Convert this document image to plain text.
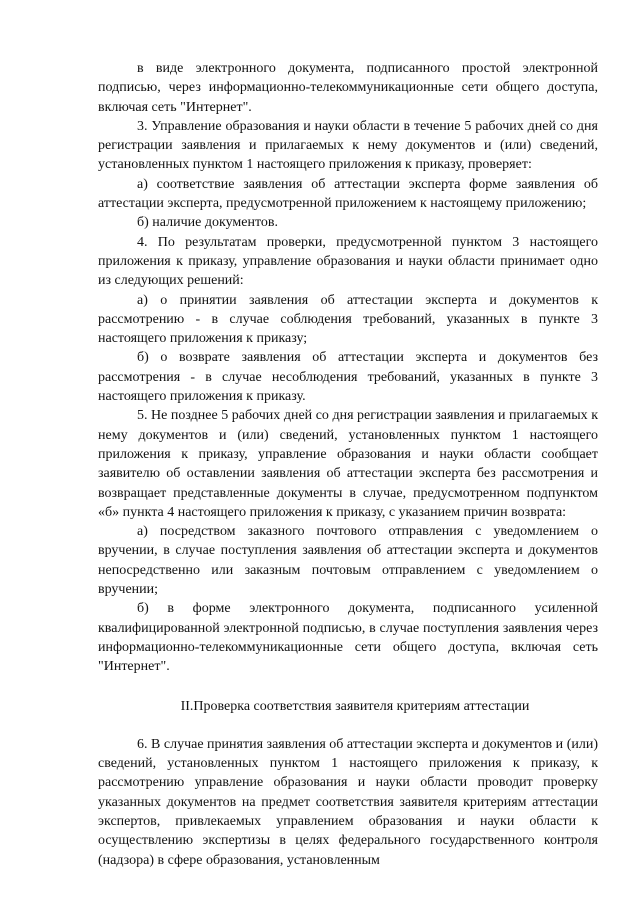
в виде электронного документа, подписанного простой электронной подписью, через информационно-телекоммуникационные сети общего доступа, включая сеть "Интернет".

3. Управление образования и науки области в течение 5 рабочих дней со дня регистрации заявления и прилагаемых к нему документов и (или) сведений, установленных пунктом 1 настоящего приложения к приказу, проверяет:

а) соответствие заявления об аттестации эксперта форме заявления об аттестации эксперта, предусмотренной приложением к настоящему приложению;

б) наличие документов.

4. По результатам проверки, предусмотренной пунктом 3 настоящего приложения к приказу, управление образования и науки области принимает одно из следующих решений:

а) о принятии заявления об аттестации эксперта и документов к рассмотрению - в случае соблюдения требований, указанных в пункте 3 настоящего приложения к приказу;

б) о возврате заявления об аттестации эксперта и документов без рассмотрения - в случае несоблюдения требований, указанных в пункте 3 настоящего приложения к приказу.

5. Не позднее 5 рабочих дней со дня регистрации заявления и прилагаемых к нему документов и (или) сведений, установленных пунктом 1 настоящего приложения к приказу, управление образования и науки области сообщает заявителю об оставлении заявления об аттестации эксперта без рассмотрения и возвращает представленные документы в случае, предусмотренном подпунктом «б» пункта 4 настоящего приложения к приказу, с указанием причин возврата:

а) посредством заказного почтового отправления с уведомлением о вручении, в случае поступления заявления об аттестации эксперта и документов непосредственно или заказным почтовым отправлением с уведомлением о вручении;

б) в форме электронного документа, подписанного усиленной квалифицированной электронной подписью, в случае поступления заявления через информационно-телекоммуникационные сети общего доступа, включая сеть "Интернет".

II.Проверка соответствия заявителя критериям аттестации

6. В случае принятия заявления об аттестации эксперта и документов и (или) сведений, установленных пунктом 1 настоящего приложения к приказу, к рассмотрению управление образования и науки области проводит проверку указанных документов на предмет соответствия заявителя критериям аттестации экспертов, привлекаемых управлением образования и науки области к осуществлению экспертизы в целях федерального государственного контроля (надзора) в сфере образования, установленным
